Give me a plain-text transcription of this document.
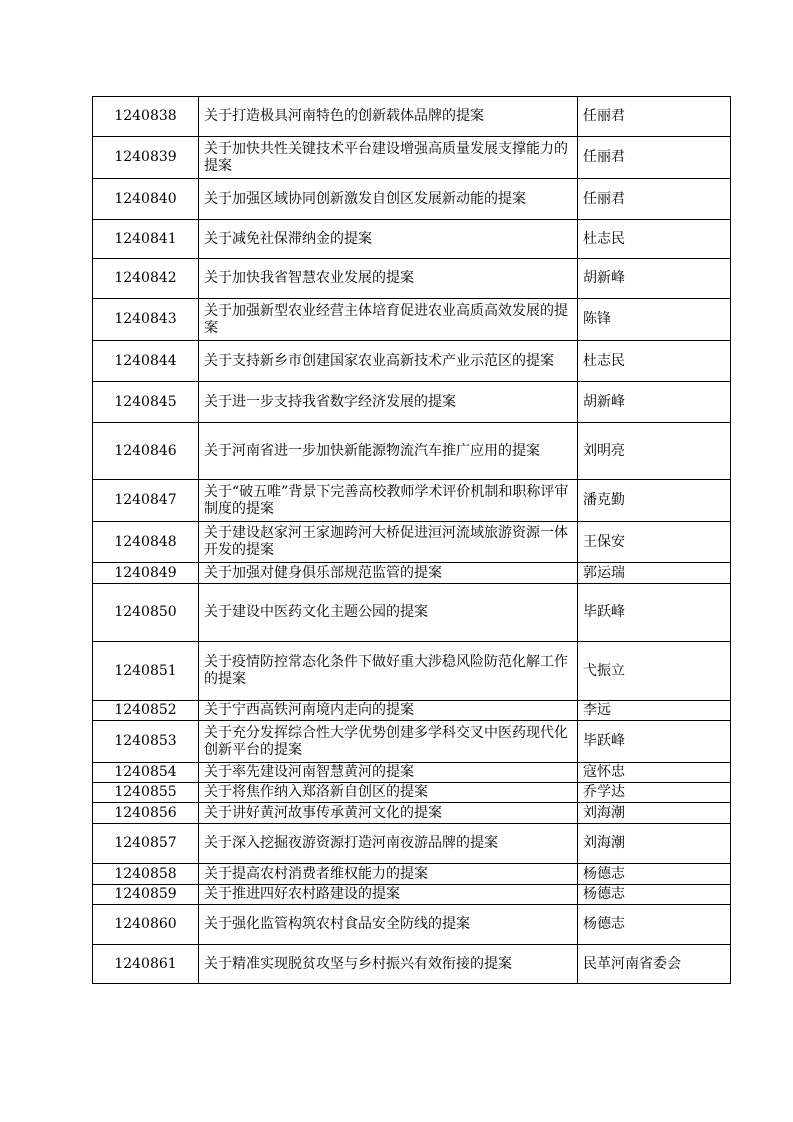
1240838	关于打造极具河南特色的创新载体品牌的提案	任丽君
1240839	关于加快共性关键技术平台建设增强高质量发展支撑能力的提案	任丽君
1240840	关于加强区域协同创新激发自创区发展新动能的提案	任丽君
1240841	关于减免社保滞纳金的提案	杜志民
1240842	关于加快我省智慧农业发展的提案	胡新峰
1240843	关于加强新型农业经营主体培育促进农业高质高效发展的提案	陈锋
1240844	关于支持新乡市创建国家农业高新技术产业示范区的提案	杜志民
1240845	关于进一步支持我省数字经济发展的提案	胡新峰
1240846	关于河南省进一步加快新能源物流汽车推广应用的提案	刘明亮
1240847	关于“破五唯”背景下完善高校教师学术评价机制和职称评审制度的提案	潘克勤
1240848	关于建设赵家河王家迦跨河大桥促进洹河流域旅游资源一体开发的提案	王保安
1240849	关于加强对健身俱乐部规范监管的提案	郭运瑞
1240850	关于建设中医药文化主题公园的提案	毕跃峰
1240851	关于疫情防控常态化条件下做好重大涉稳风险防范化解工作的提案	弋振立
1240852	关于宁西高铁河南境内走向的提案	李远
1240853	关于充分发挥综合性大学优势创建多学科交叉中医药现代化创新平台的提案	毕跃峰
1240854	关于率先建设河南智慧黄河的提案	寇怀忠
1240855	关于将焦作纳入郑洛新自创区的提案	乔学达
1240856	关于讲好黄河故事传承黄河文化的提案	刘海潮
1240857	关于深入挖掘夜游资源打造河南夜游品牌的提案	刘海潮
1240858	关于提高农村消费者维权能力的提案	杨德志
1240859	关于推进四好农村路建设的提案	杨德志
1240860	关于强化监管构筑农村食品安全防线的提案	杨德志
1240861	关于精准实现脱贫攻坚与乡村振兴有效衔接的提案	民革河南省委会
